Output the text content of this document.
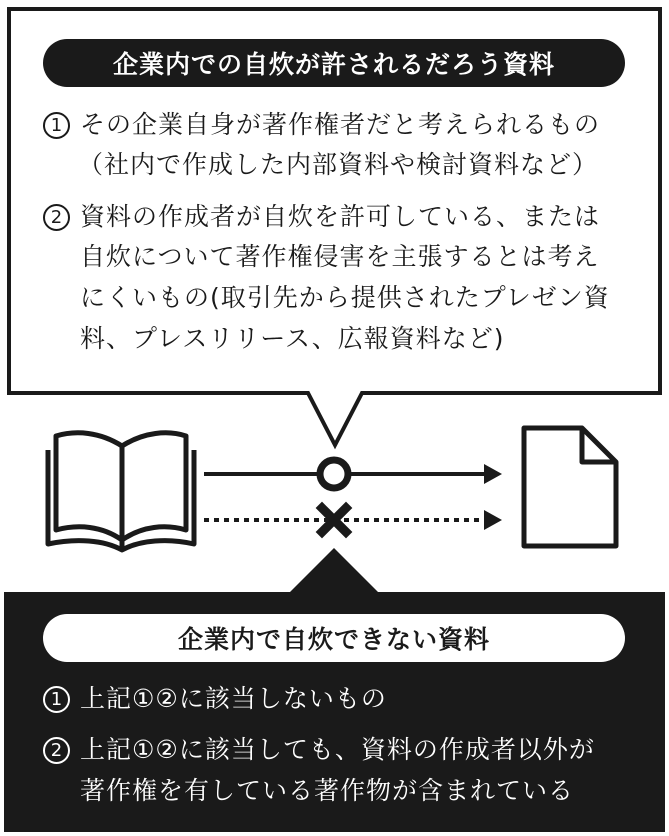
企業内での自炊が許されるだろう資料
1 その企業自身が著作権者だと考えられるもの
（社内で作成した内部資料や検討資料など）
2 資料の作成者が自炊を許可している、または
自炊について著作権侵害を主張するとは考え
にくいもの(取引先から提供されたプレゼン資
料、プレスリリース、広報資料など)
企業内で自炊できない資料
1 上記①②に該当しないもの
2 上記①②に該当しても、資料の作成者以外が
著作権を有している著作物が含まれている
